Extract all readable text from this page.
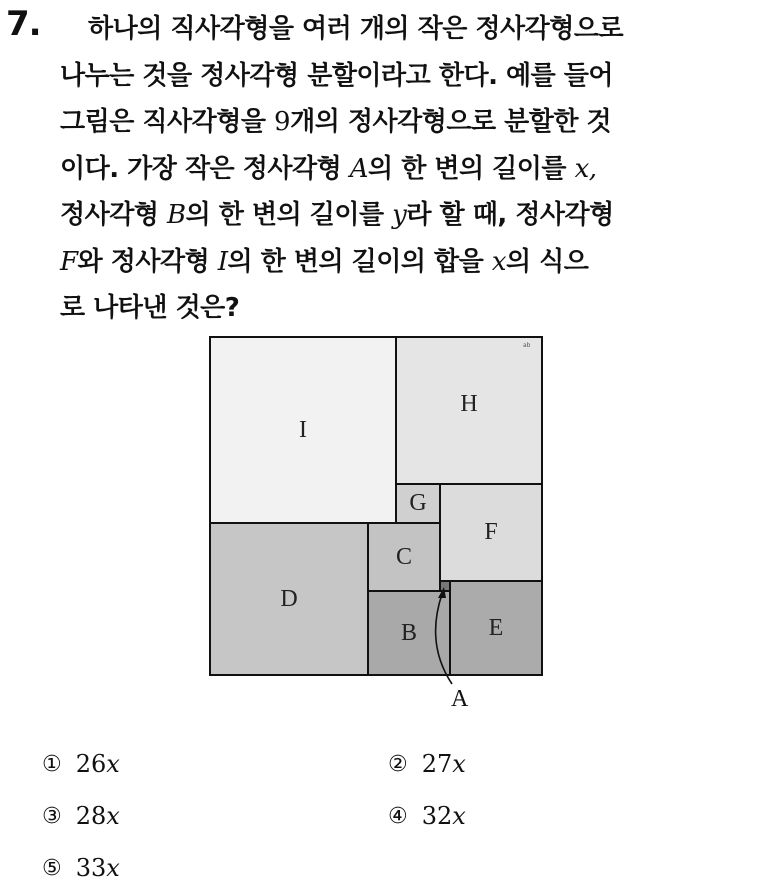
7.	하나의 직사각형을 여러 개의 작은 정사각형으로
나누는 것을 정사각형 분할이라고 한다. 예를 들어
그림은 직사각형을 9개의 정사각형으로 분할한 것
이다. 가장 작은 정사각형 A의 한 변의 길이를 x,
정사각형 B의 한 변의 길이를 y라 할 때, 정사각형
F와 정사각형 I의 한 변의 길이의 합을 x의 식으
로 나타낸 것은?
I
H
G
F
C
D
B	E
A
ab
① 26x	② 27x
③ 28x	④ 32x
⑤ 33x
